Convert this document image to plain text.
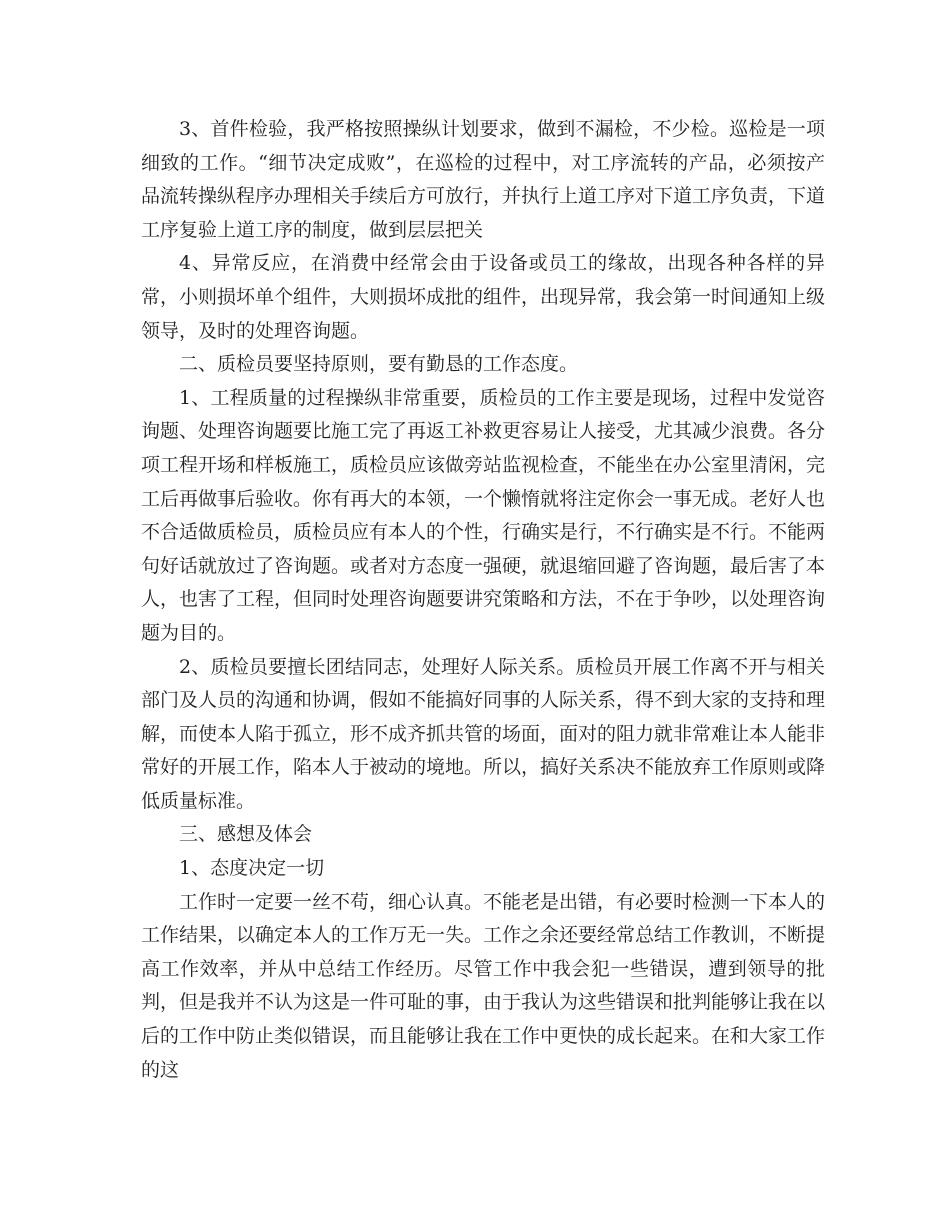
3、首件检验，我严格按照操纵计划要求，做到不漏检，不少检。巡检是一项细致的工作。“细节决定成败”，在巡检的过程中，对工序流转的产品，必须按产品流转操纵程序办理相关手续后方可放行，并执行上道工序对下道工序负责，下道工序复验上道工序的制度，做到层层把关

4、异常反应，在消费中经常会由于设备或员工的缘故，出现各种各样的异常，小则损坏单个组件，大则损坏成批的组件，出现异常，我会第一时间通知上级领导，及时的处理咨询题。

二、质检员要坚持原则，要有勤恳的工作态度。

1、工程质量的过程操纵非常重要，质检员的工作主要是现场，过程中发觉咨询题、处理咨询题要比施工完了再返工补救更容易让人接受，尤其减少浪费。各分项工程开场和样板施工，质检员应该做旁站监视检查，不能坐在办公室里清闲，完工后再做事后验收。你有再大的本领，一个懒惰就将注定你会一事无成。老好人也不合适做质检员，质检员应有本人的个性，行确实是行，不行确实是不行。不能两句好话就放过了咨询题。或者对方态度一强硬，就退缩回避了咨询题，最后害了本人，也害了工程，但同时处理咨询题要讲究策略和方法，不在于争吵，以处理咨询题为目的。

2、质检员要擅长团结同志，处理好人际关系。质检员开展工作离不开与相关部门及人员的沟通和协调，假如不能搞好同事的人际关系，得不到大家的支持和理解，而使本人陷于孤立，形不成齐抓共管的场面，面对的阻力就非常难让本人能非常好的开展工作，陷本人于被动的境地。所以，搞好关系决不能放弃工作原则或降低质量标准。

三、感想及体会

1、态度决定一切

工作时一定要一丝不苟，细心认真。不能老是出错，有必要时检测一下本人的工作结果，以确定本人的工作万无一失。工作之余还要经常总结工作教训，不断提高工作效率，并从中总结工作经历。尽管工作中我会犯一些错误，遭到领导的批判，但是我并不认为这是一件可耻的事，由于我认为这些错误和批判能够让我在以后的工作中防止类似错误，而且能够让我在工作中更快的成长起来。在和大家工作的这
